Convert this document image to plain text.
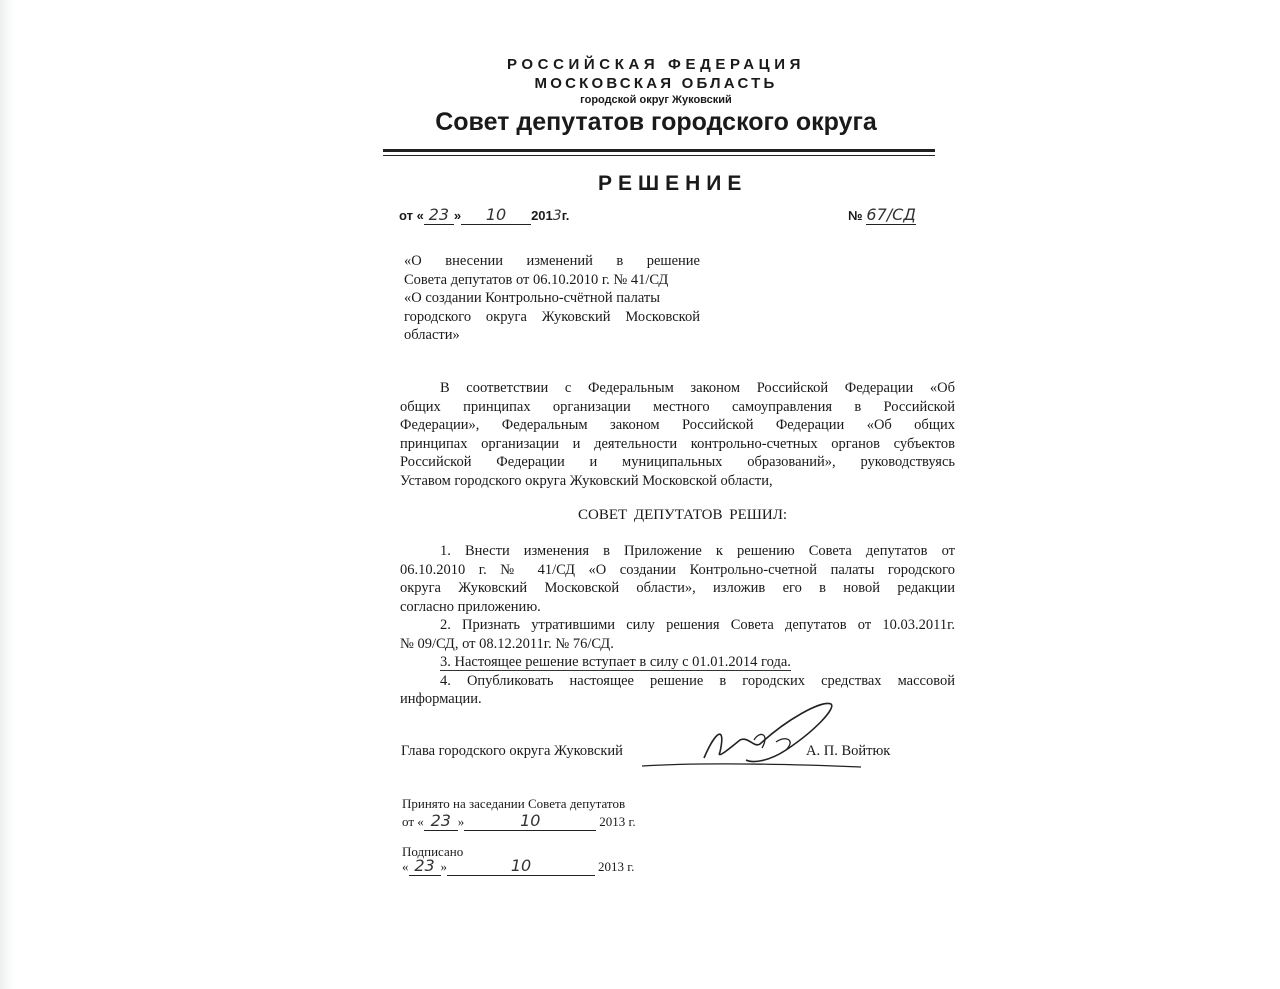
РОССИЙСКАЯ ФЕДЕРАЦИЯ
МОСКОВСКАЯ ОБЛАСТЬ
городской округ Жуковский
Совет депутатов городского округа
РЕШЕНИЕ
от « 23 » 10 2013г.	№ 67/СД
«О внесении изменений в решение
Совета депутатов от 06.10.2010 г. № 41/СД
«О создании Контрольно-счётной палаты
городского округа Жуковский Московской
области»
В соответствии с Федеральным законом Российской Федерации «Об
общих принципах организации местного самоуправления в Российской
Федерации», Федеральным законом Российской Федерации «Об общих
принципах организации и деятельности контрольно-счетных органов субъектов
Российской Федерации и муниципальных образований», руководствуясь
Уставом городского округа Жуковский Московской области,
СОВЕТ ДЕПУТАТОВ РЕШИЛ:
1. Внести изменения в Приложение к решению Совета депутатов от
06.10.2010 г. № 41/СД «О создании Контрольно-счетной палаты городского
округа Жуковский Московской области», изложив его в новой редакции
согласно приложению.
2. Признать утратившими силу решения Совета депутатов от 10.03.2011г.
№ 09/СД, от 08.12.2011г. № 76/СД.
3. Настоящее решение вступает в силу с 01.01.2014 года.
4. Опубликовать настоящее решение в городских средствах массовой
информации.
Глава городского округа Жуковский	А. П. Войтюк
Принято на заседании Совета депутатов
от « 23 »	10	2013 г.
Подписано
« 23 »	10	2013 г.
